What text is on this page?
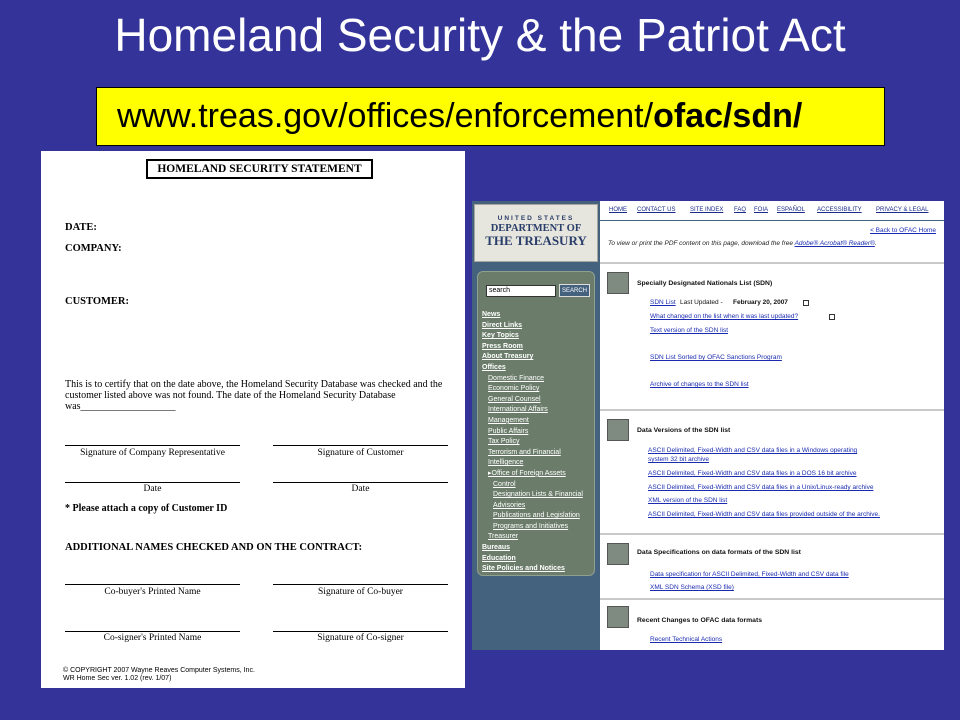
Homeland Security & the Patriot Act
www.treas.gov/offices/enforcement/ ofac/sdn/
HOMELAND SECURITY STATEMENT
DATE:
COMPANY:
CUSTOMER:
This is to certify that on the date above, the Homeland Security Database was checked and the customer listed above was not found. The date of the Homeland Security Database was___________________
Signature of Company Representative	Signature of Customer
Date	Date
* Please attach a copy of Customer ID
ADDITIONAL NAMES CHECKED AND ON THE CONTRACT:
Co-buyer's Printed Name	Signature of Co-buyer
Co-signer's Printed Name	Signature of Co-signer
© COPYRIGHT 2007 Wayne Reaves Computer Systems, Inc.
WR Home Sec ver. 1.02 (rev. 1/07)
UNITED STATES
DEPARTMENT OF
THE TREASURY
search	SEARCH
News
Direct Links
Key Topics
Press Room
About Treasury
Offices
Domestic Finance
Economic Policy
General Counsel
International Affairs
Management
Public Affairs
Tax Policy
Terrorism and Financial
Intelligence
▸Office of Foreign Assets
Control
Designation Lists & Financial
Advisories
Publications and Legislation
Programs and Initiatives
Treasurer
Bureaus
Education
Site Policies and Notices
HOME CONTACT US SITE INDEX FAQ FOIA ESPAÑOL ACCESSIBILITY PRIVACY & LEGAL
< Back to OFAC Home
To view or print the PDF content on this page, download the free Adobe® Acrobat® Reader®.
Specially Designated Nationals List (SDN)
SDN List Last Updated - February 20, 2007
What changed on the list when it was last updated?
Text version of the SDN list
SDN List Sorted by OFAC Sanctions Program
Archive of changes to the SDN list
Data Versions of the SDN list
ASCII Delimited, Fixed-Width and CSV data files in a Windows operating
system 32 bit archive
ASCII Delimited, Fixed-Width and CSV data files in a DOS 16 bit archive
ASCII Delimited, Fixed-Width and CSV data files in a Unix/Linux-ready archive
XML version of the SDN list
ASCII Delimited, Fixed-Width and CSV data files provided outside of the archive.
Data Specifications on data formats of the SDN list
Data specification for ASCII Delimited, Fixed-Width and CSV data file
XML SDN Schema (XSD file)
Recent Changes to OFAC data formats
Recent Technical Actions
